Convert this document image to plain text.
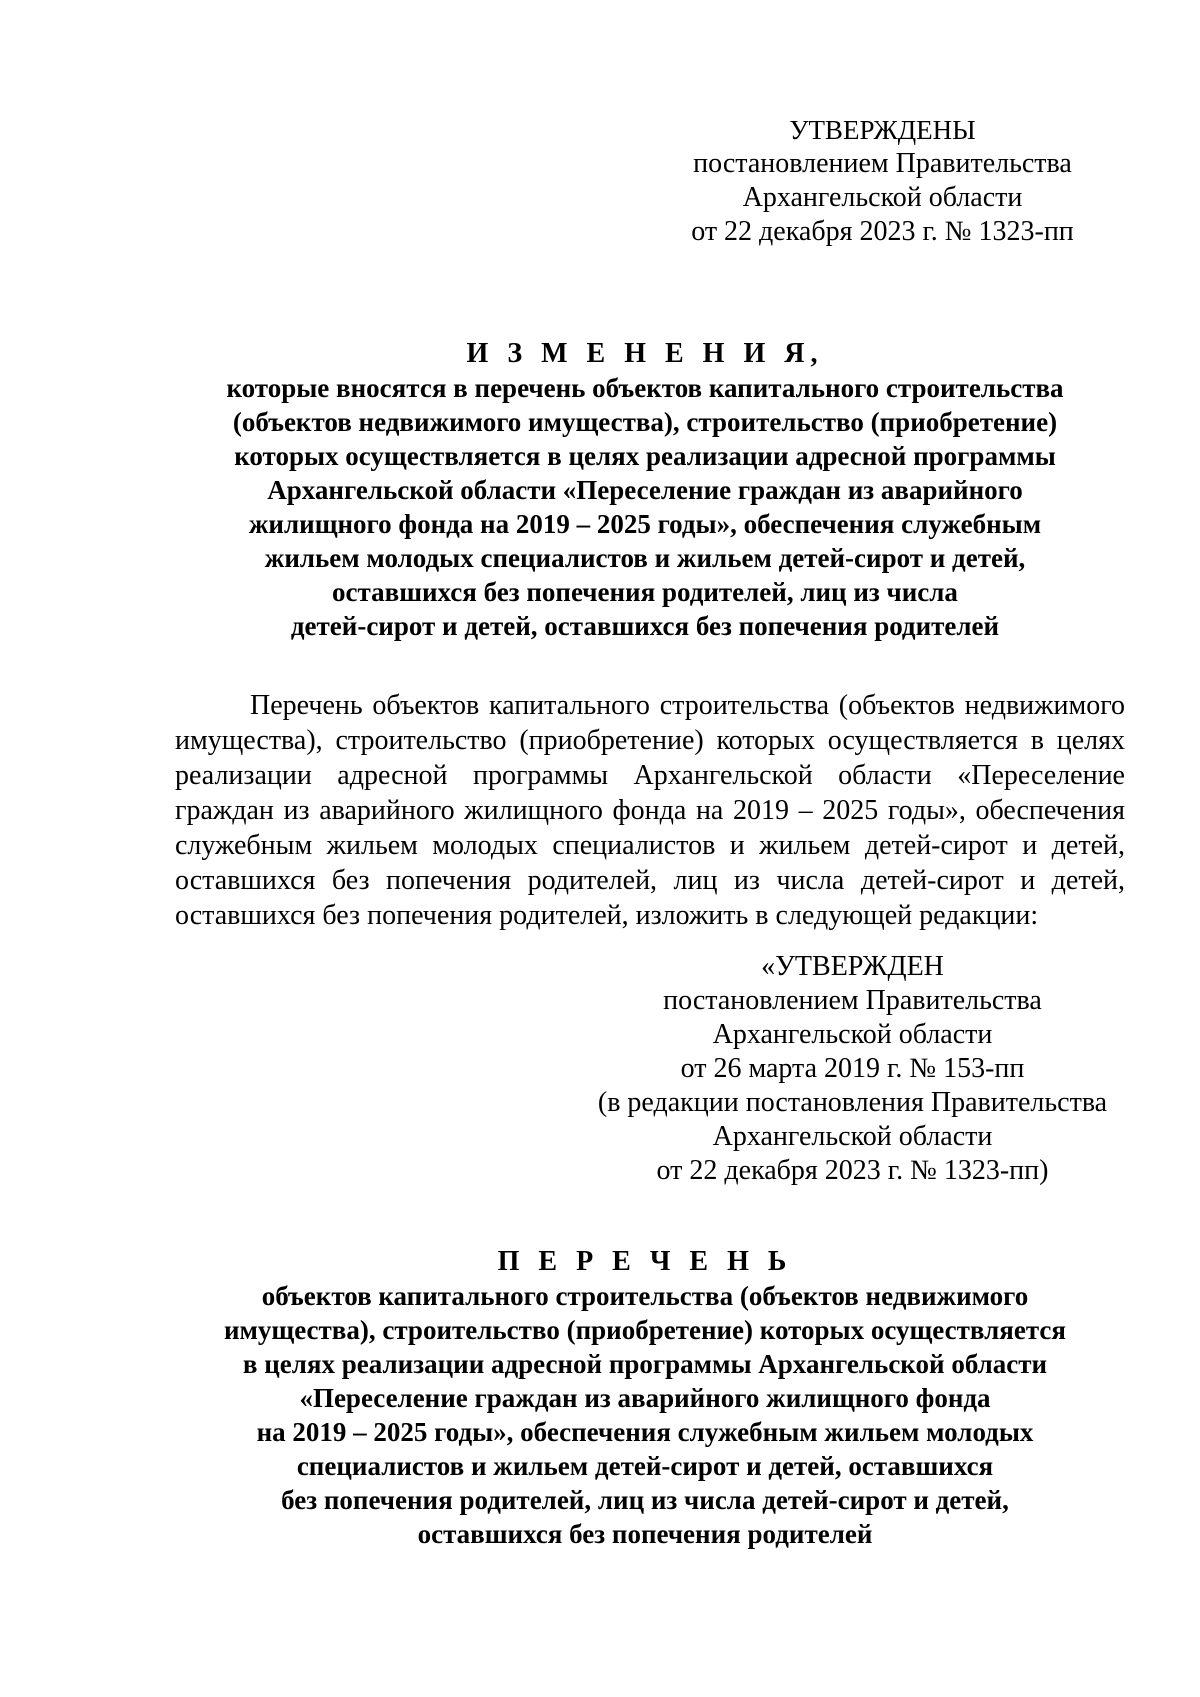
УТВЕРЖДЕНЫ
постановлением Правительства
Архангельской области
от 22 декабря 2023 г. № 1323-пп
И З М Е Н Е Н И Я,
которые вносятся в перечень объектов капитального строительства
(объектов недвижимого имущества), строительство (приобретение)
которых осуществляется в целях реализации адресной программы
Архангельской области «Переселение граждан из аварийного
жилищного фонда на 2019 – 2025 годы», обеспечения служебным
жильем молодых специалистов и жильем детей-сирот и детей,
оставшихся без попечения родителей, лиц из числа
детей-сирот и детей, оставшихся без попечения родителей
Перечень объектов капитального строительства (объектов недвижимого
имущества), строительство (приобретение) которых осуществляется в целях
реализации адресной программы Архангельской области «Переселение
граждан из аварийного жилищного фонда на 2019 – 2025 годы», обеспечения
служебным жильем молодых специалистов и жильем детей-сирот и детей,
оставшихся без попечения родителей, лиц из числа детей-сирот и детей,
оставшихся без попечения родителей, изложить в следующей редакции:
«УТВЕРЖДЕН
постановлением Правительства
Архангельской области
от 26 марта 2019 г. № 153-пп
(в редакции постановления Правительства
Архангельской области
от 22 декабря 2023 г. № 1323-пп)
П Е Р Е Ч Е Н Ь
объектов капитального строительства (объектов недвижимого
имущества), строительство (приобретение) которых осуществляется
в целях реализации адресной программы Архангельской области
«Переселение граждан из аварийного жилищного фонда
на 2019 – 2025 годы», обеспечения служебным жильем молодых
специалистов и жильем детей-сирот и детей, оставшихся
без попечения родителей, лиц из числа детей-сирот и детей,
оставшихся без попечения родителей
